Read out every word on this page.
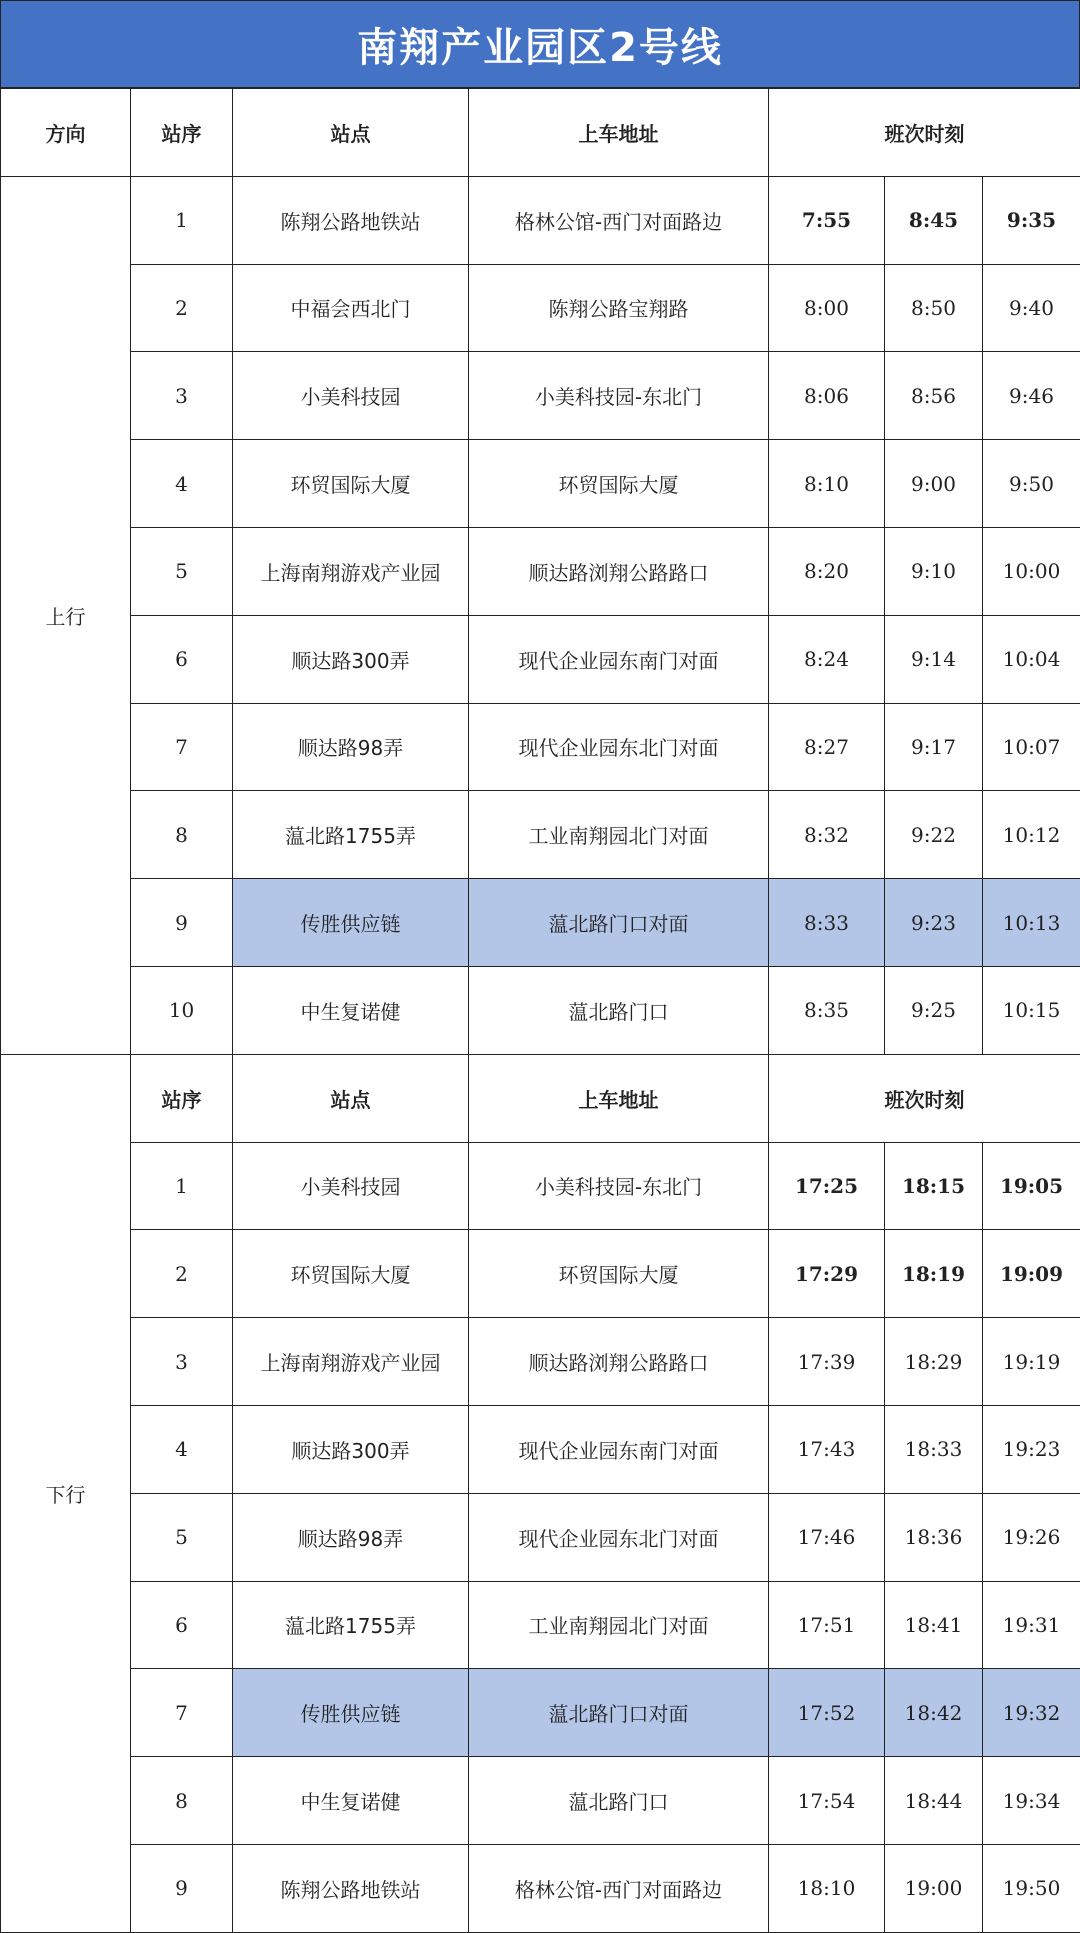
南翔产业园区2号线
方向	站序	站点	上车地址	班次时刻		
上行	1	陈翔公路地铁站	格林公馆-西门对面路边	7:55	8:45	9:35
	2	中福会西北门	陈翔公路宝翔路	8:00	8:50	9:40
	3	小美科技园	小美科技园-东北门	8:06	8:56	9:46
	4	环贸国际大厦	环贸国际大厦	8:10	9:00	9:50
	5	上海南翔游戏产业园	顺达路浏翔公路路口	8:20	9:10	10:00
	6	顺达路300弄	现代企业园东南门对面	8:24	9:14	10:04
	7	顺达路98弄	现代企业园东北门对面	8:27	9:17	10:07
	8	蕰北路1755弄	工业南翔园北门对面	8:32	9:22	10:12
	9	传胜供应链	蕰北路门口对面	8:33	9:23	10:13
	10	中生复诺健	蕰北路门口	8:35	9:25	10:15
下行	站序	站点	上车地址	班次时刻		
	1	小美科技园	小美科技园-东北门	17:25	18:15	19:05
	2	环贸国际大厦	环贸国际大厦	17:29	18:19	19:09
	3	上海南翔游戏产业园	顺达路浏翔公路路口	17:39	18:29	19:19
	4	顺达路300弄	现代企业园东南门对面	17:43	18:33	19:23
	5	顺达路98弄	现代企业园东北门对面	17:46	18:36	19:26
	6	蕰北路1755弄	工业南翔园北门对面	17:51	18:41	19:31
	7	传胜供应链	蕰北路门口对面	17:52	18:42	19:32
	8	中生复诺健	蕰北路门口	17:54	18:44	19:34
	9	陈翔公路地铁站	格林公馆-西门对面路边	18:10	19:00	19:50
